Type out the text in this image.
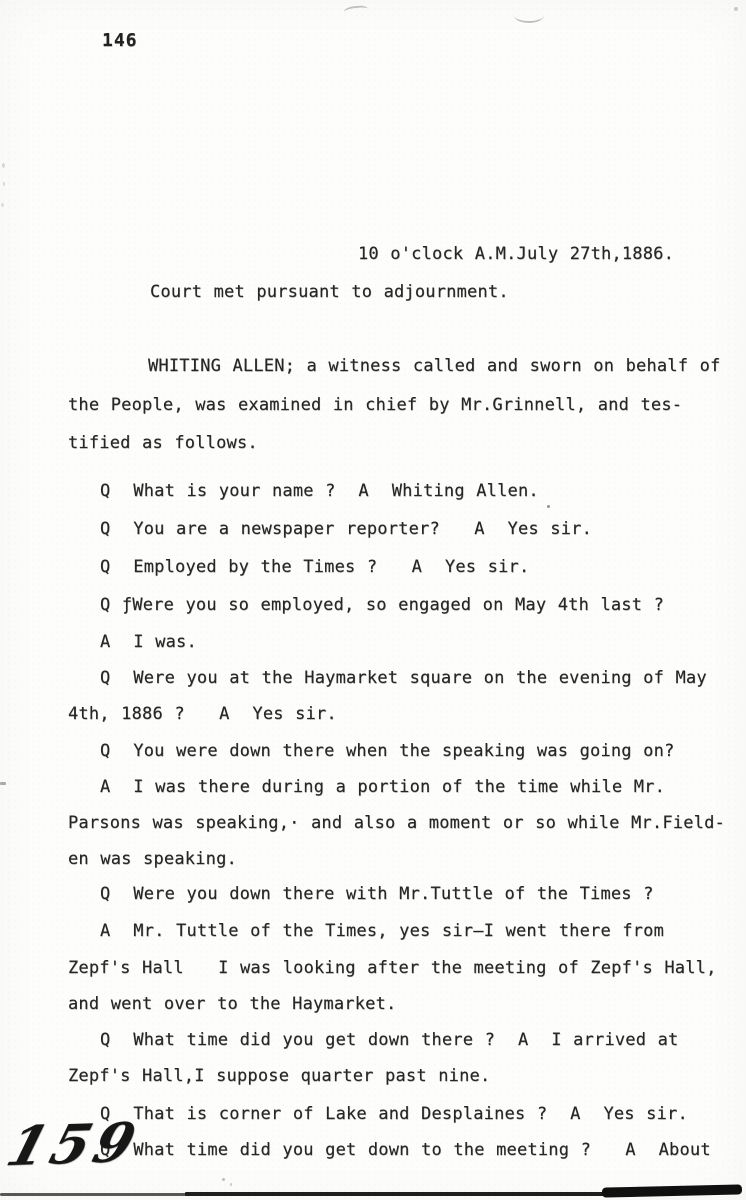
146
10 o'clock A.M.July 27th,1886.
Court met pursuant to adjournment.
WHITING ALLEN; a witness called and sworn on behalf of
the People, was examined in chief by Mr.Grinnell, and tes-
tified as follows.
Q  What is your name ?  A  Whiting Allen.
Q  You are a newspaper reporter?   A  Yes sir.
Q  Employed by the Times ?   A  Yes sir.
Q ƒWere you so employed, so engaged on May 4th last ?
A  I was.
Q  Were you at the Haymarket square on the evening of May
4th, 1886 ?   A  Yes sir.
Q  You were down there when the speaking was going on?
A  I was there during a portion of the time while Mr.
Parsons was speaking,· and also a moment or so while Mr.Field-
en was speaking.
Q  Were you down there with Mr.Tuttle of the Times ?
A  Mr. Tuttle of the Times, yes sir—I went there from
Zepf's Hall   I was looking after the meeting of Zepf's Hall,
and went over to the Haymarket.
Q  What time did you get down there ?  A  I arrived at
Zepf's Hall,I suppose quarter past nine.
Q  That is corner of Lake and Desplaines ?  A  Yes sir.
Q  What time did you get down to the meeting ?   A  About
159
